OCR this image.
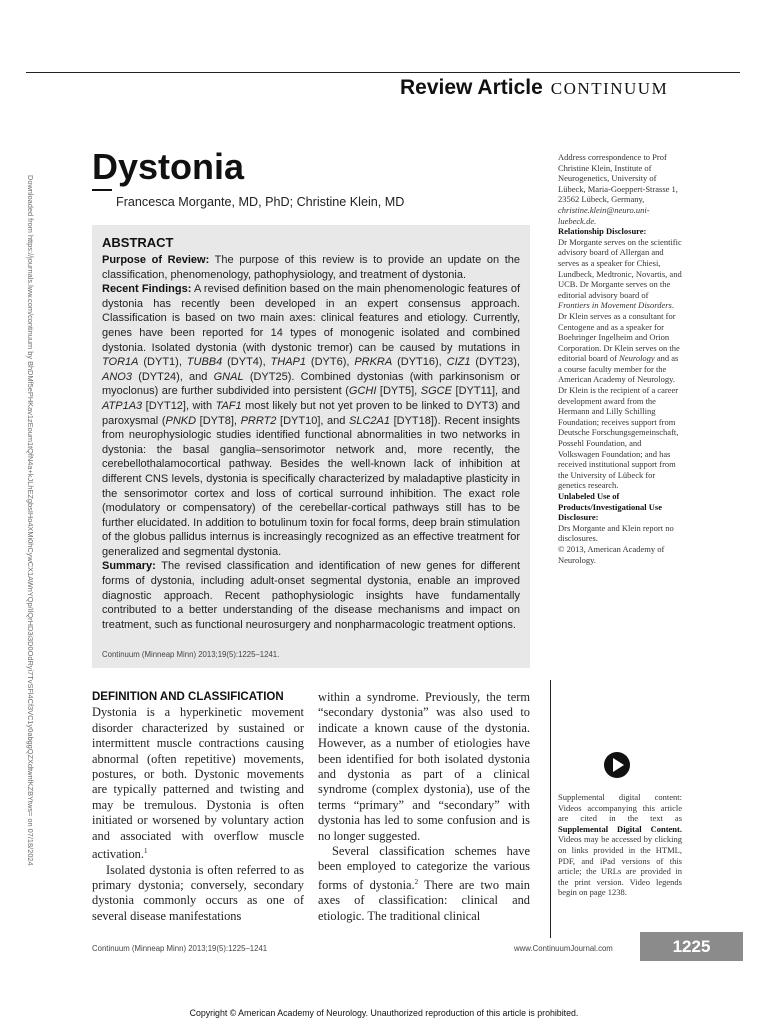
Review Article CONTINUUM
Downloaded from https://journals.lww.com/continuum by BhDMf5ePHKav1zEoum1tQfN4a+kJLhEZgbsIHo4XMi0hCywCX1AWnYQp/IlQrHD3i3D0OdRyi7TvSFl4Cf3VC1y0abggQZXdtwnfKZBYtws= on 07/18/2024
Dystonia
Francesca Morgante, MD, PhD; Christine Klein, MD
ABSTRACT

Purpose of Review: The purpose of this review is to provide an update on the classification, phenomenology, pathophysiology, and treatment of dystonia.

Recent Findings: A revised definition based on the main phenomenologic features of dystonia has recently been developed in an expert consensus approach. Classification is based on two main axes: clinical features and etiology. Currently, genes have been reported for 14 types of monogenic isolated and combined dystonia. Isolated dystonia (with dystonic tremor) can be caused by mutations in TOR1A (DYT1), TUBB4 (DYT4), THAP1 (DYT6), PRKRA (DYT16), CIZ1 (DYT23), ANO3 (DYT24), and GNAL (DYT25). Combined dystonias (with parkinsonism or myoclonus) are further subdivided into persistent (GCHI [DYT5], SGCE [DYT11], and ATP1A3 [DYT12], with TAF1 most likely but not yet proven to be linked to DYT3) and paroxysmal (PNKD [DYT8], PRRT2 [DYT10], and SLC2A1 [DYT18]). Recent insights from neurophysiologic studies identified functional abnormalities in two networks in dystonia: the basal ganglia–sensorimotor network and, more recently, the cerebellothalamocortical pathway. Besides the well-known lack of inhibition at different CNS levels, dystonia is specifically characterized by maladaptive plasticity in the sensorimotor cortex and loss of cortical surround inhibition. The exact role (modulatory or compensatory) of the cerebellar-cortical pathways still has to be further elucidated. In addition to botulinum toxin for focal forms, deep brain stimulation of the globus pallidus internus is increasingly recognized as an effective treatment for generalized and segmental dystonia.

Summary: The revised classification and identification of new genes for different forms of dystonia, including adult-onset segmental dystonia, enable an improved diagnostic approach. Recent pathophysiologic insights have fundamentally contributed to a better understanding of the disease mechanisms and impact on treatment, such as functional neurosurgery and nonpharmacologic treatment options.

Continuum (Minneap Minn) 2013;19(5):1225–1241.

Address correspondence to Prof Christine Klein, Institute of Neurogenetics, University of Lübeck, Maria-Goeppert-Strasse 1, 23562 Lübeck, Germany, christine.klein@neuro.uni-luebeck.de.

Relationship Disclosure:

Dr Morgante serves on the scientific advisory board of Allergan and serves as a speaker for Chiesi, Lundbeck, Medtronic, Novartis, and UCB. Dr Morgante serves on the editorial advisory board of Frontiers in Movement Disorders. Dr Klein serves as a consultant for Centogene and as a speaker for Boehringer Ingelheim and Orion Corporation. Dr Klein serves on the editorial board of Neurology and as a course faculty member for the American Academy of Neurology. Dr Klein is the recipient of a career development award from the Hermann and Lilly Schilling Foundation; receives support from Deutsche Forschungsgemeinschaft, Possehl Foundation, and Volkswagen Foundation; and has received institutional support from the University of Lübeck for genetics research.

Unlabeled Use of Products/Investigational Use Disclosure:

Drs Morgante and Klein report no disclosures.

© 2013, American Academy of Neurology.

Supplemental digital content: Videos accompanying this article are cited in the text as Supplemental Digital Content. Videos may be accessed by clicking on links provided in the HTML, PDF, and iPad versions of this article; the URLs are provided in the print version. Video legends begin on page 1238.

DEFINITION AND CLASSIFICATION

Dystonia is a hyperkinetic movement disorder characterized by sustained or intermittent muscle contractions causing abnormal (often repetitive) movements, postures, or both. Dystonic movements are typically patterned and twisting and may be tremulous. Dystonia is often initiated or worsened by voluntary action and associated with overflow muscle activation.$^1$

Isolated dystonia is often referred to as primary dystonia; conversely, secondary dystonia commonly occurs as one of several disease manifestations

within a syndrome. Previously, the term “secondary dystonia” was also used to indicate a known cause of the dystonia. However, as a number of etiologies have been identified for both isolated dystonia and dystonia as part of a clinical syndrome (complex dystonia), use of the terms “primary” and “secondary” with dystonia has led to some confusion and is no longer suggested.

Several classification schemes have been employed to categorize the various forms of dystonia.$^2$ There are two main axes of classification: clinical and etiologic. The traditional clinical

Continuum (Minneap Minn) 2013;19(5):1225–1241	www.ContinuumJournal.com	1225
Copyright © American Academy of Neurology. Unauthorized reproduction of this article is prohibited.
